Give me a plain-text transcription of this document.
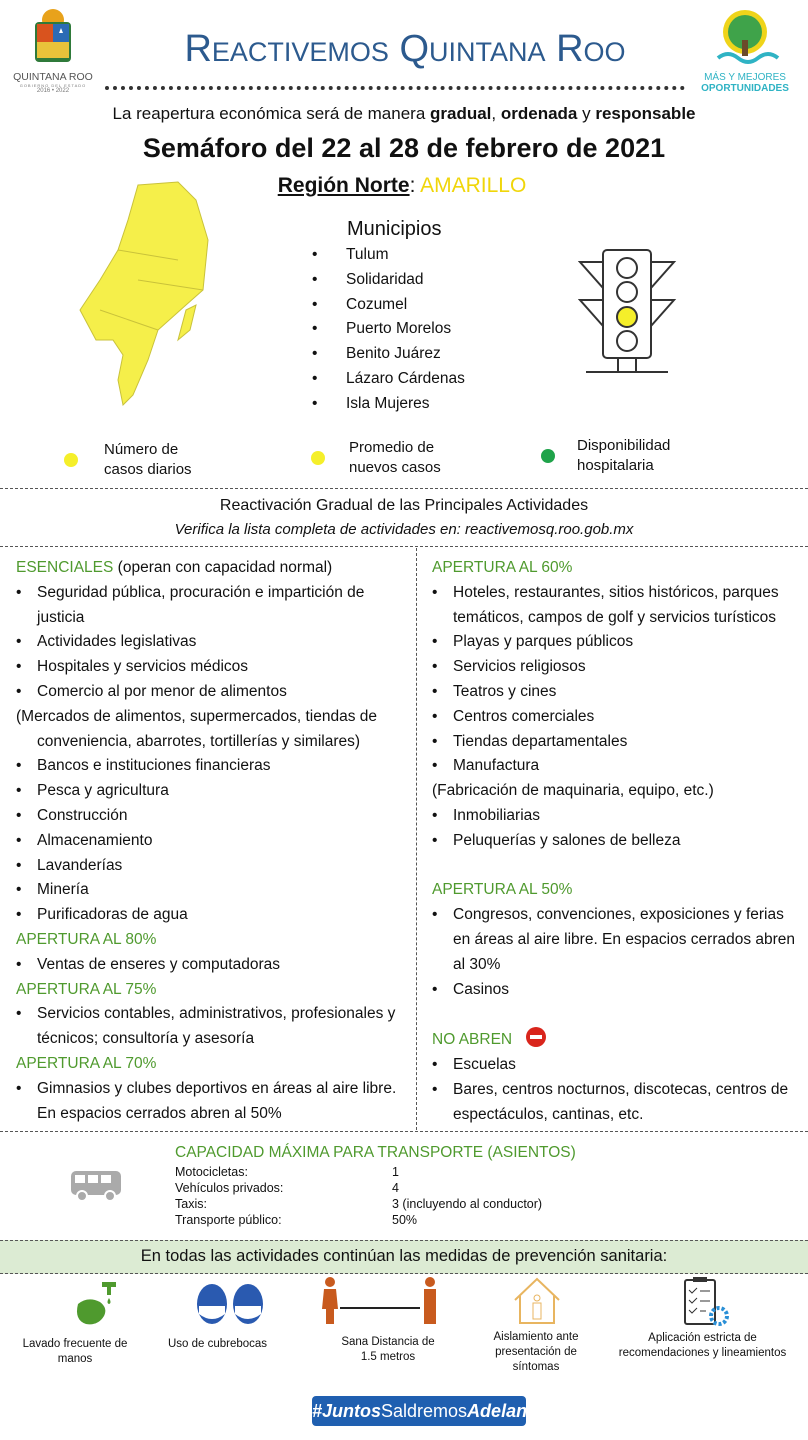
QUINTANA ROO
GOBIERNO DEL ESTADO
2016 • 2022
Reactivemos Quintana Roo
MÁS Y MEJORES
OPORTUNIDADES
La reapertura económica será de manera gradual, ordenada y responsable
Semáforo del 22 al 28 de febrero de 2021
Región Norte: AMARILLO
Municipios
• Tulum
• Solidaridad
• Cozumel
• Puerto Morelos
• Benito Juárez
• Lázaro Cárdenas
• Isla Mujeres
Número de
casos diarios
Promedio de
nuevos casos
Disponibilidad
hospitalaria
Reactivación Gradual de las Principales Actividades
Verifica la lista completa de actividades en: reactivemosq.roo.gob.mx
ESENCIALES (operan con capacidad normal)
• Seguridad pública, procuración e impartición de justicia
• Actividades legislativas
• Hospitales y servicios médicos
• Comercio al por menor de alimentos
(Mercados de alimentos, supermercados, tiendas de conveniencia, abarrotes, tortillerías y similares)
• Bancos e instituciones financieras
• Pesca y agricultura
• Construcción
• Almacenamiento
• Lavanderías
• Minería
• Purificadoras de agua
APERTURA AL 80%
• Ventas de enseres y computadoras
APERTURA AL 75%
• Servicios contables, administrativos, profesionales y técnicos; consultoría y asesoría
APERTURA AL 70%
• Gimnasios y clubes deportivos en áreas al aire libre. En espacios cerrados abren al 50%
APERTURA AL 60%
• Hoteles, restaurantes, sitios históricos, parques temáticos, campos de golf y servicios turísticos
• Playas y parques públicos
• Servicios religiosos
• Teatros y cines
• Centros comerciales
• Tiendas departamentales
• Manufactura
(Fabricación de maquinaria, equipo, etc.)
• Inmobiliarias
• Peluquerías y salones de belleza
APERTURA AL 50%
• Congresos, convenciones, exposiciones y ferias en áreas al aire libre. En espacios cerrados abren al 30%
• Casinos
NO ABREN
• Escuelas
• Bares, centros nocturnos, discotecas, centros de espectáculos, cantinas, etc.
CAPACIDAD MÁXIMA PARA TRANSPORTE (ASIENTOS)
Motocicletas:	1
Vehículos privados:	4
Taxis:	3 (incluyendo al conductor)
Transporte público:	50%
En todas las actividades continúan las medidas de prevención sanitaria:
Lavado frecuente de manos
Uso de cubrebocas	Sana Distancia de 1.5 metros
Aislamiento ante presentación de síntomas
Aplicación estricta de recomendaciones y lineamientos
#JuntosSaldremosAdelante
